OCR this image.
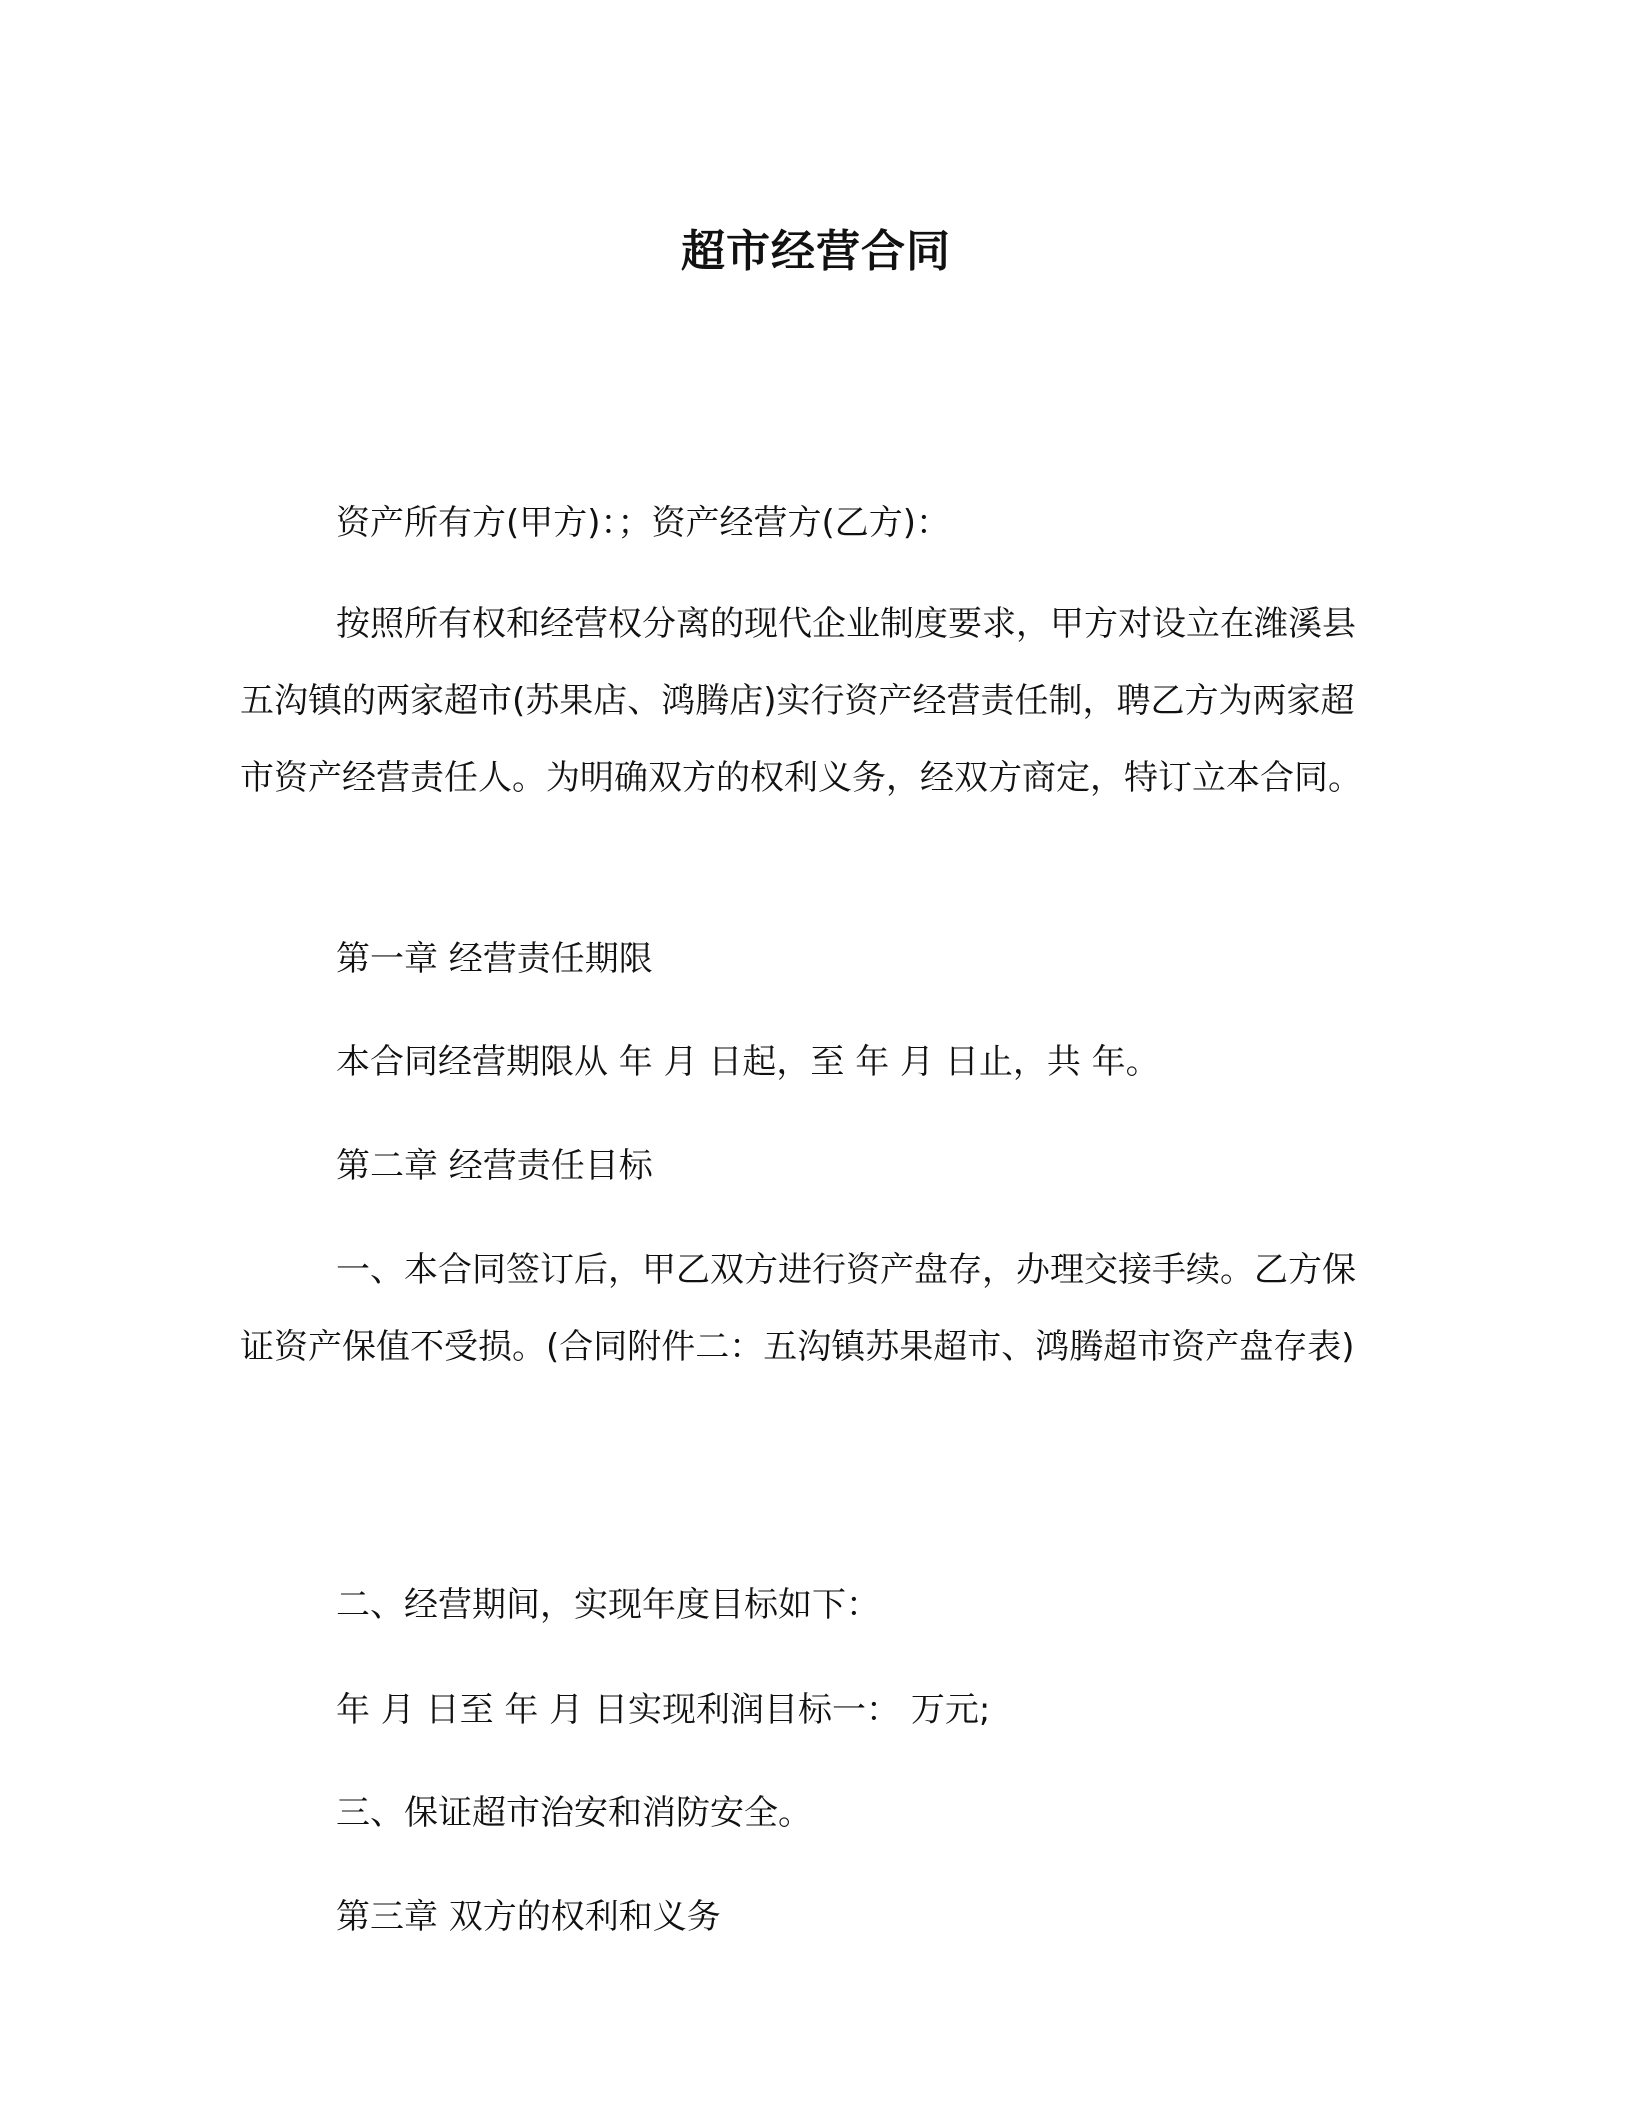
超市经营合同

资产所有方(甲方)：；资产经营方(乙方)：

按照所有权和经营权分离的现代企业制度要求，甲方对设立在潍溪县五沟镇的两家超市(苏果店、鸿腾店)实行资产经营责任制，聘乙方为两家超市资产经营责任人。为明确双方的权利义务，经双方商定，特订立本合同。

第一章 经营责任期限

本合同经营期限从 年 月 日起，至 年 月 日止，共 年。

第二章 经营责任目标

一、本合同签订后，甲乙双方进行资产盘存，办理交接手续。乙方保证资产保值不受损。(合同附件二：五沟镇苏果超市、鸿腾超市资产盘存表)

二、经营期间，实现年度目标如下：

年 月 日至 年 月 日实现利润目标一： 万元;

三、保证超市治安和消防安全。

第三章 双方的权利和义务
